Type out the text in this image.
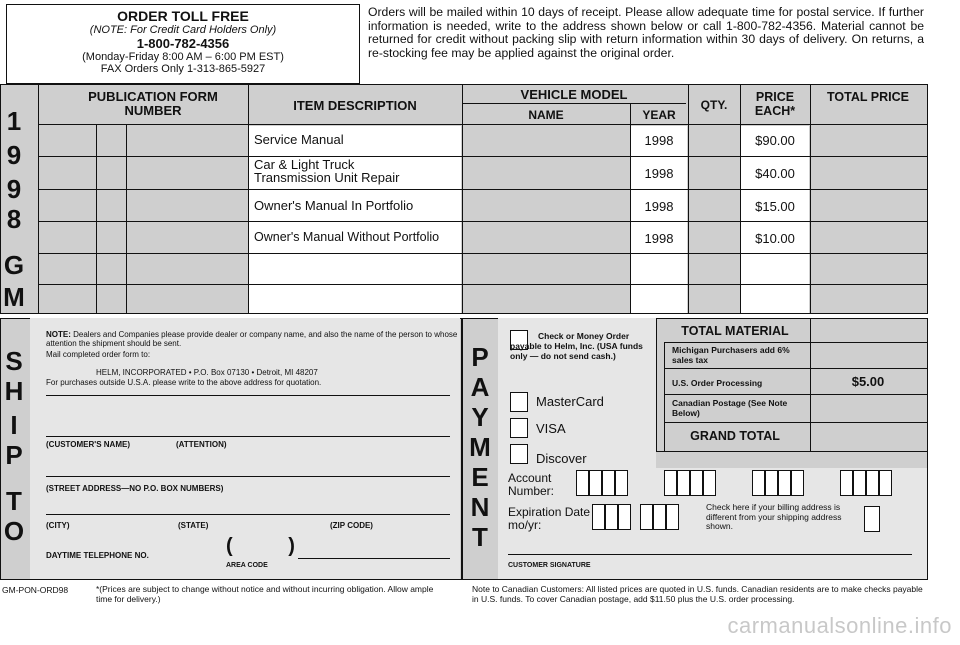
ORDER TOLL FREE
(NOTE: For Credit Card Holders Only)
1-800-782-4356
(Monday-Friday 8:00 AM – 6:00 PM EST)
FAX Orders Only 1-313-865-5927
Orders will be mailed within 10 days of receipt. Please allow adequate time for postal service. If further information is needed, write to the address shown below or call 1-800-782-4356. Material cannot be returned for credit without packing slip with return information within 30 days of delivery. On returns, a re-stocking fee may be applied against the original order.
1
9
9
8
G
M
PUBLICATION FORM NUMBER	ITEM DESCRIPTION
VEHICLE MODEL
NAME	YEAR
QTY.
PRICE EACH*
TOTAL PRICE
Service Manual	1998	$90.00
Car & Light Truck Transmission Unit Repair	1998	$40.00
Owner's Manual In Portfolio	1998	$15.00
Owner's Manual Without Portfolio	1998	$10.00
S
H
I
P
T
O
NOTE: Dealers and Companies please provide dealer or company name, and also the name of the person to whose attention the shipment should be sent.
Mail completed order form to:
HELM, INCORPORATED • P.O. Box 07130 • Detroit, MI 48207
For purchases outside U.S.A. please write to the above address for quotation.
(CUSTOMER'S NAME)	(ATTENTION)
(STREET ADDRESS—NO P.O. BOX NUMBERS)
(CITY)	(STATE)	(ZIP CODE)
DAYTIME TELEPHONE NO.	(          )
AREA CODE
P
A
Y
M
E
N
T
Check or Money Order payable to Helm, Inc. (USA funds only — do not send cash.)
MasterCard
VISA
Discover
Account Number:
Expiration Date mo/yr:
Check here if your billing address is different from your shipping address shown.
CUSTOMER SIGNATURE
TOTAL MATERIAL
Michigan Purchasers add 6% sales tax
U.S. Order Processing	$5.00
Canadian Postage (See Note Below)
GRAND TOTAL
GM-PON-ORD98	*(Prices are subject to change without notice and without incurring obligation. Allow ample time for delivery.)
Note to Canadian Customers: All listed prices are quoted in U.S. funds. Canadian residents are to make checks payable in U.S. funds. To cover Canadian postage, add $11.50 plus the U.S. order processing.
carmanualsonline.info
